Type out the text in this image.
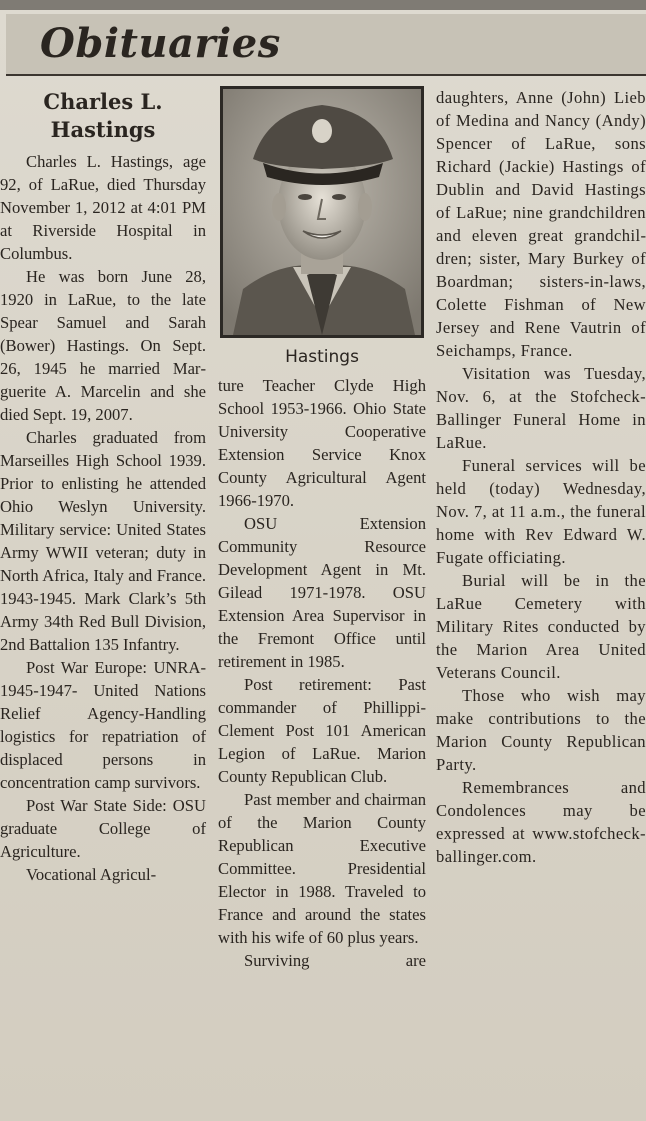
Obituaries
Charles L.
Hastings

Charles L. Hastings, age 92, of LaRue, died Thursday November 1, 2012 at 4:01 PM at Riverside Hospital in Columbus.

He was born June 28, 1920 in LaRue, to the late Spear Samuel and Sarah (Bower) Hastings. On Sept. 26, 1945 he married Marguerite A. Marcelin and she died Sept. 19, 2007.

Charles graduated from Marseilles High School 1939. Prior to enlisting he attended Ohio Weslyn University. Military service: United States Army WWII veteran; duty in North Africa, Italy and France. 1943-1945. Mark Clark’s 5th Army 34th Red Bull Division, 2nd Battalion 135 Infantry.

Post War Europe: UNRA-1945-1947- United Nations Relief Agency-Handling logistics for repatriation of displaced persons in concentration camp survivors.

Post War State Side: OSU graduate College of Agriculture.

Vocational Agricul-

Hastings

ture Teacher Clyde High School 1953-1966. Ohio State University Cooperative Extension Service Knox County Agricultural Agent 1966-1970.

OSU Extension Community Resource Development Agent in Mt. Gilead 1971-1978. OSU Extension Area Supervisor in the Fremont Office until retirement in 1985.

Post retirement: Past commander of Phillippi-Clement Post 101 American Legion of LaRue. Marion County Republican Club.

Past member and chairman of the Marion County Republican Executive Committee. Presidential Elector in 1988. Traveled to France and around the states with his wife of 60 plus years.

Surviving are

daughters, Anne (John) Lieb of Medina and Nancy (Andy) Spencer of LaRue, sons Richard (Jackie) Hastings of Dublin and David Hastings of LaRue; nine grandchildren and eleven great grandchildren; sister, Mary Burkey of Boardman; sisters-in-laws, Colette Fishman of New Jersey and Rene Vautrin of Seichamps, France.

Visitation was Tuesday, Nov. 6, at the Stofcheck-Ballinger Funeral Home in LaRue.

Funeral services will be held (today) Wednesday, Nov. 7, at 11 a.m., the funeral home with Rev Edward W. Fugate officiating.

Burial will be in the LaRue Cemetery with Military Rites conducted by the Marion Area United Veterans Council.

Those who wish may make contributions to the Marion County Republican Party.

Remembrances and Condolences may be expressed at www.stofcheck-ballinger.com.
